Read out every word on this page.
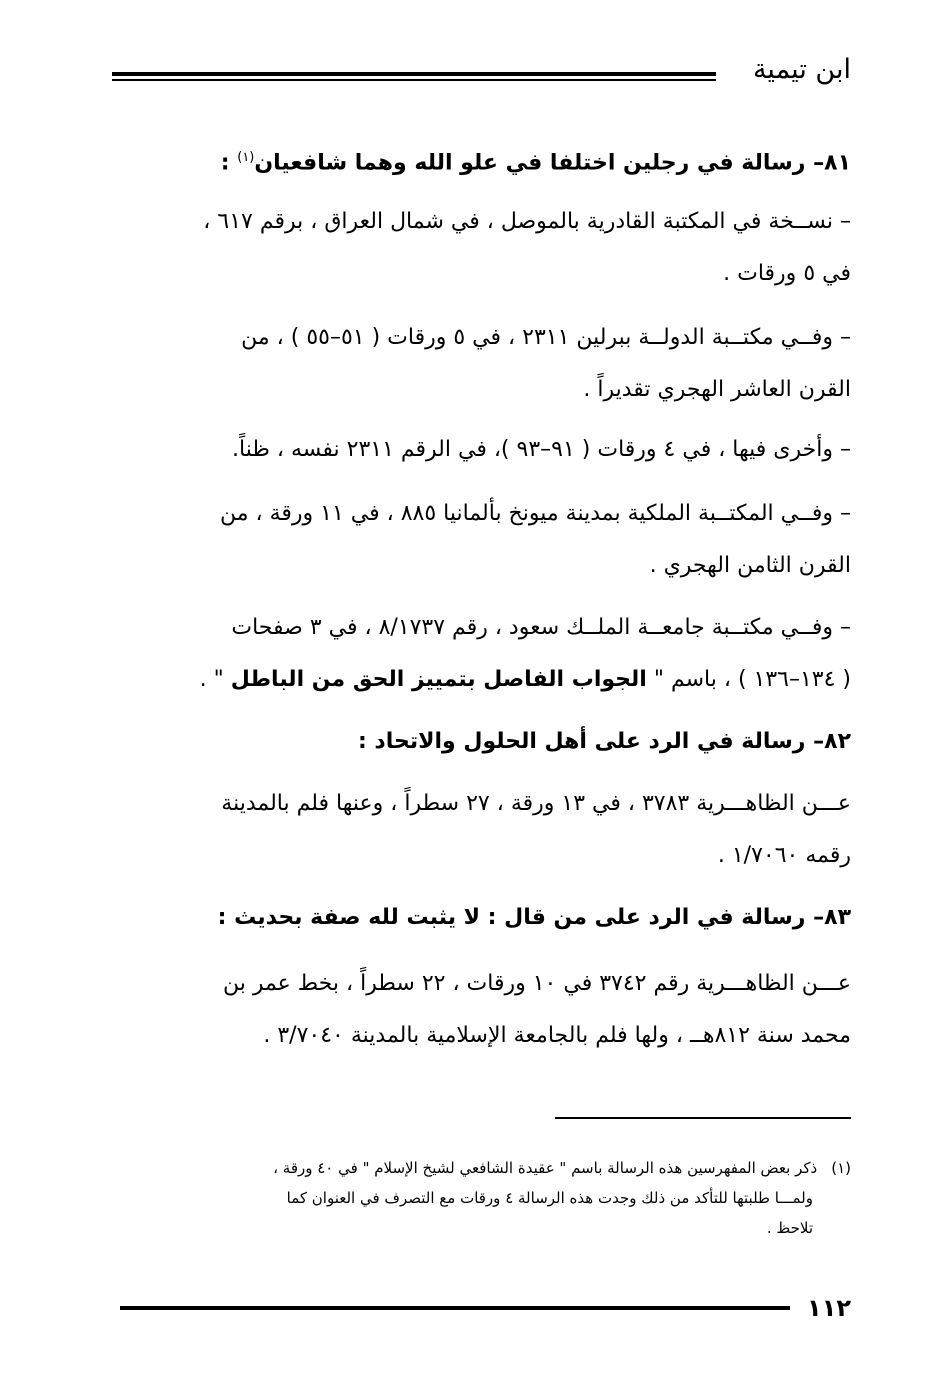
ابن تيمية
٨١– رسالة في رجلين اختلفا في علو الله وهما شافعيان$^{(١)}$ :
– نســخة في المكتبة القادرية بالموصل ، في شمال العراق ، برقم ٦١٧ ،
في ٥ ورقات .
– وفــي مكتــبة الدولــة ببرلين ٢٣١١ ، في ٥ ورقات ( ٥١–٥٥ ) ، من
القرن العاشر الهجري تقديراً .
– وأخرى فيها ، في ٤ ورقات ( ٩١–٩٣ )، في الرقم ٢٣١١ نفسه ، ظناً.
– وفــي المكتــبة الملكية بمدينة ميونخ بألمانيا ٨٨٥ ، في ١١ ورقة ، من
القرن الثامن الهجري .
– وفــي مكتــبة جامعــة الملــك سعود ، رقم ٨/١٧٣٧ ، في ٣ صفحات
( ١٣٤–١٣٦ ) ، باسم " الجواب الفاصل بتمييز الحق من الباطل " .
٨٢– رسالة في الرد على أهل الحلول والاتحاد :
عـــن الظاهـــرية ٣٧٨٣ ، في ١٣ ورقة ، ٢٧ سطراً ، وعنها فلم بالمدينة
رقمه ١/٧٠٦٠ .
٨٣– رسالة في الرد على من قال : لا يثبت لله صفة بحديث :
عـــن الظاهـــرية رقم ٣٧٤٢ في ١٠ ورقات ، ٢٢ سطراً ، بخط عمر بن
محمد سنة ٨١٢هــ ، ولها فلم بالجامعة الإسلامية بالمدينة ٣/٧٠٤٠ .
(١)ذكر بعض المفهرسين هذه الرسالة باسم " عقيدة الشافعي لشيخ الإسلام " في ٤٠ ورقة ،
ولمـــا طلبتها للتأكد من ذلك وجدت هذه الرسالة ٤ ورقات مع التصرف في العنوان كما
تلاحظ .
١١٢
